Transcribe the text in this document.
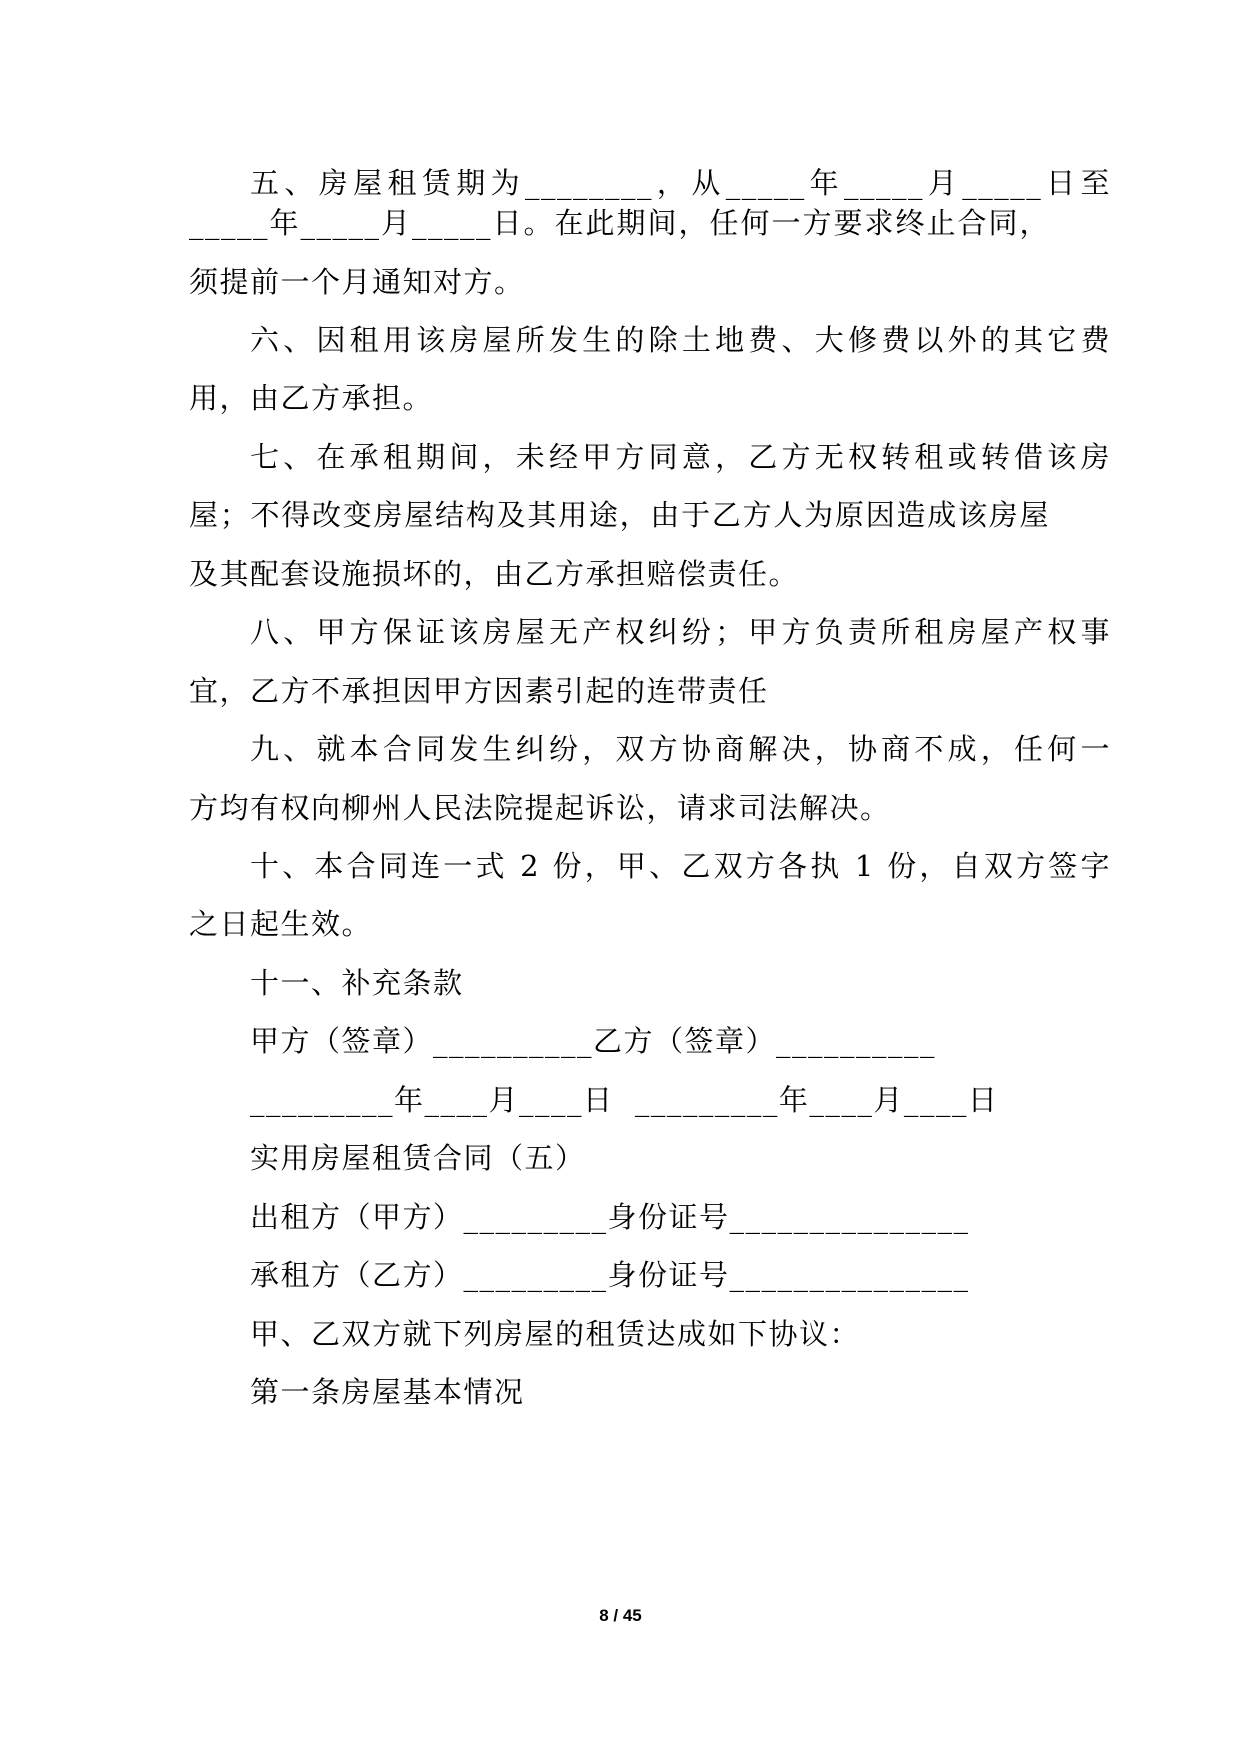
五、房屋租赁期为________，从_____年_____月_____日至
_____年_____月_____日。在此期间，任何一方要求终止合同，
须提前一个月通知对方。
六、因租用该房屋所发生的除土地费、大修费以外的其它费
用，由乙方承担。
七、在承租期间，未经甲方同意，乙方无权转租或转借该房
屋；不得改变房屋结构及其用途，由于乙方人为原因造成该房屋
及其配套设施损坏的，由乙方承担赔偿责任。
八、甲方保证该房屋无产权纠纷；甲方负责所租房屋产权事
宜，乙方不承担因甲方因素引起的连带责任
九、就本合同发生纠纷，双方协商解决，协商不成，任何一
方均有权向柳州人民法院提起诉讼，请求司法解决。
十、本合同连一式 2 份，甲、乙双方各执 1 份，自双方签字
之日起生效。
十一、补充条款
甲方（签章）__________乙方（签章）__________
_________年____月____日  _________年____月____日
实用房屋租赁合同（五）
出租方（甲方）_________身份证号_______________
承租方（乙方）_________身份证号_______________
甲、乙双方就下列房屋的租赁达成如下协议：
第一条房屋基本情况
8 / 45
